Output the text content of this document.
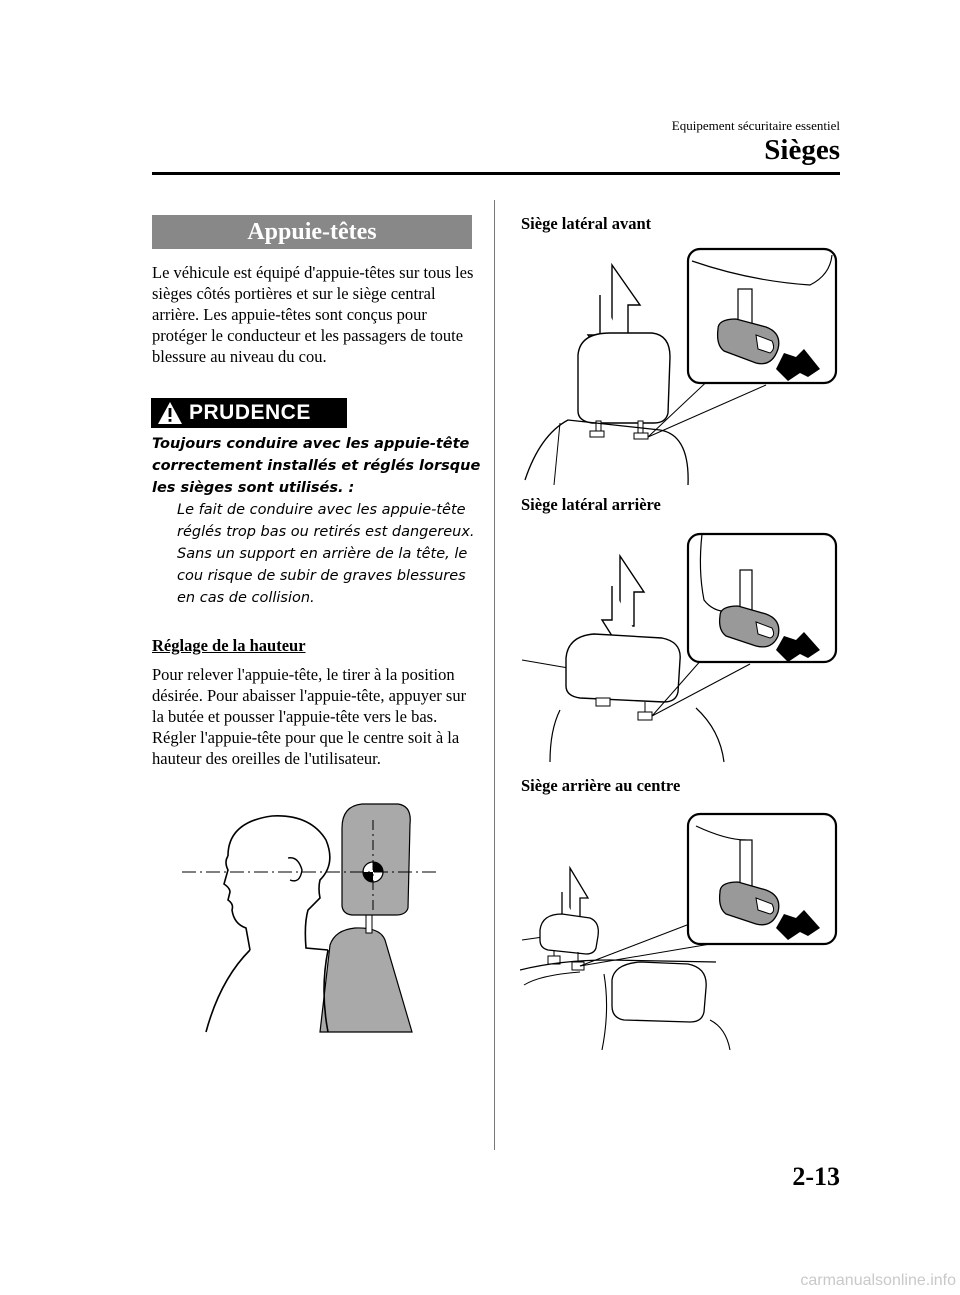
Equipement sécuritaire essentiel
Sièges
Appuie-têtes
Le véhicule est équipé d'appuie-têtes sur tous les sièges côtés portières et sur le siège central arrière. Les appuie-têtes sont conçus pour protéger le conducteur et les passagers de toute blessure au niveau du cou.
PRUDENCE
Toujours conduire avec les appuie-tête correctement installés et réglés lorsque les sièges sont utilisés. :
Le fait de conduire avec les appuie-tête réglés trop bas ou retirés est dangereux. Sans un support en arrière de la tête, le cou risque de subir de graves blessures en cas de collision.
Réglage de la hauteur
Pour relever l'appuie-tête, le tirer à la position désirée. Pour abaisser l'appuie-tête, appuyer sur la butée et pousser l'appuie-tête vers le bas. Régler l'appuie-tête pour que le centre soit à la hauteur des oreilles de l'utilisateur.
Siège latéral avant
Siège latéral arrière
Siège arrière au centre
2-13
carmanualsonline.info
